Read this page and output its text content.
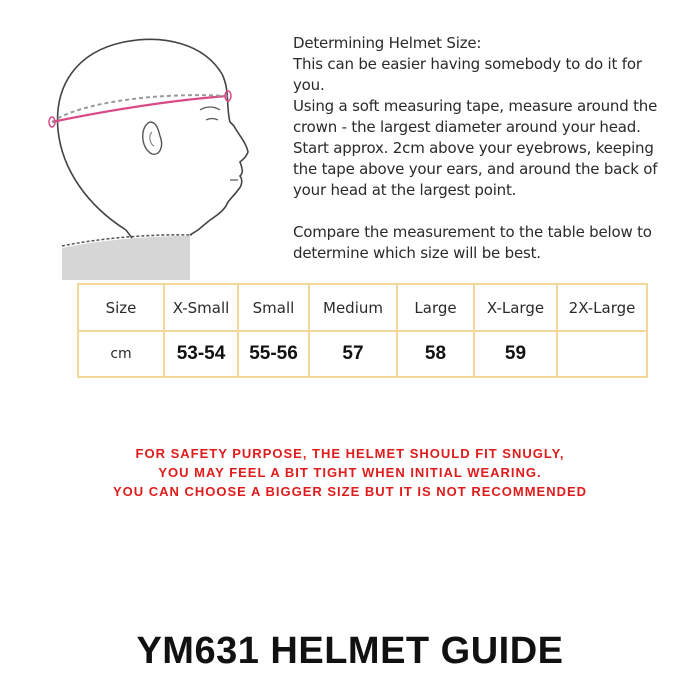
Determining Helmet Size:

This can be easier having somebody to do it for

you.

Using a soft measuring tape, measure around the

crown - the largest diameter around your head.

Start approx. 2cm above your eyebrows, keeping

the tape above your ears, and around the back of

your head at the largest point.

Compare the measurement to the table below to

determine which size will be best.

Size	X-Small	Small	Medium	Large	X-Large	2X-Large
cm	53-54	55-56	57	58	59	

FOR SAFETY PURPOSE, THE HELMET SHOULD FIT SNUGLY,

YOU MAY FEEL A BIT TIGHT WHEN INITIAL WEARING.

YOU CAN CHOOSE A BIGGER SIZE BUT IT IS NOT RECOMMENDED

YM631 HELMET GUIDE
